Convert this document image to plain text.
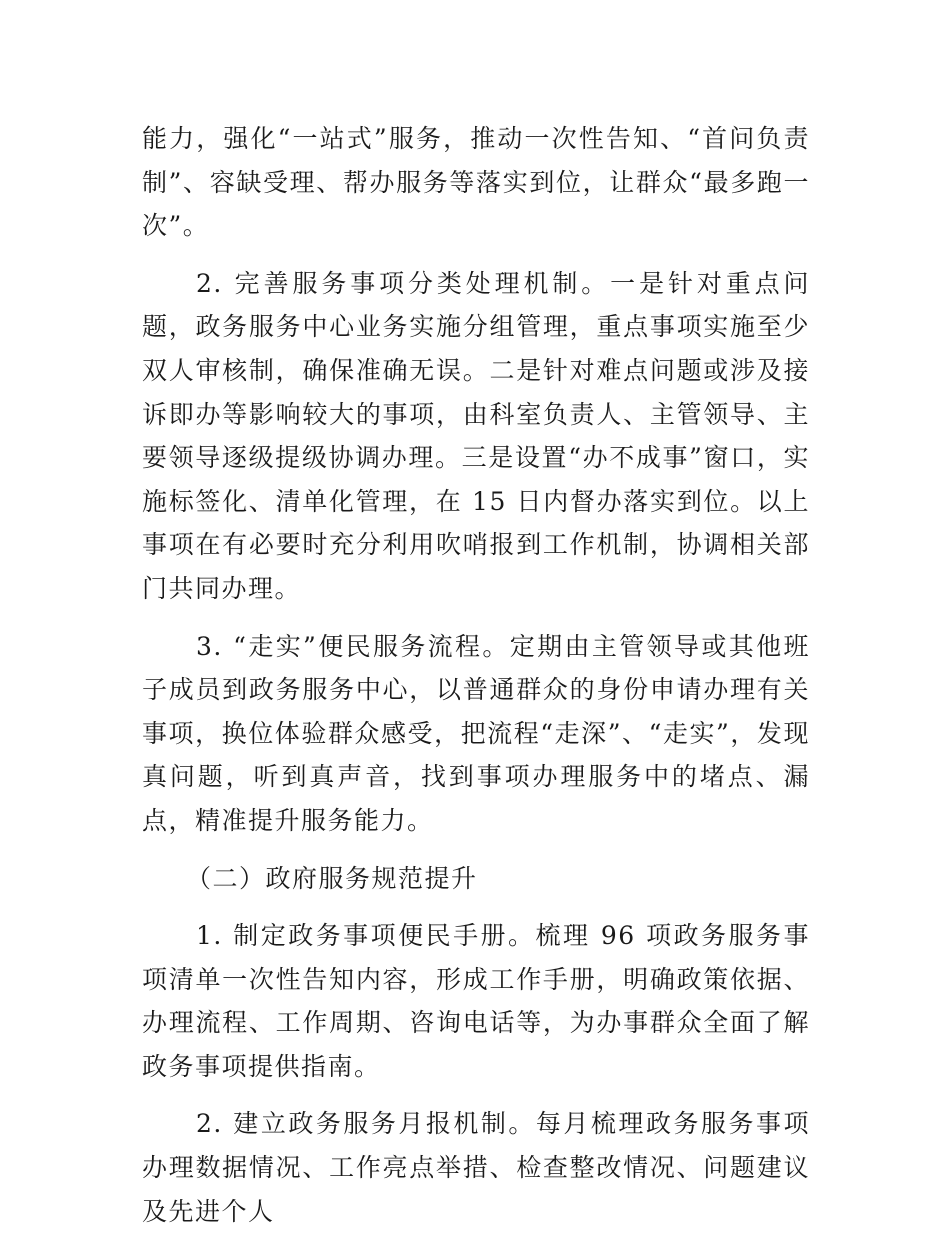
能力，强化“一站式”服务，推动一次性告知、“首问负责制”、容缺受理、帮办服务等落实到位，让群众“最多跑一次”。

2. 完善服务事项分类处理机制。一是针对重点问题，政务服务中心业务实施分组管理，重点事项实施至少双人审核制，确保准确无误。二是针对难点问题或涉及接诉即办等影响较大的事项，由科室负责人、主管领导、主要领导逐级提级协调办理。三是设置“办不成事”窗口，实施标签化、清单化管理，在 15 日内督办落实到位。以上事项在有必要时充分利用吹哨报到工作机制，协调相关部门共同办理。

3. “走实”便民服务流程。定期由主管领导或其他班子成员到政务服务中心，以普通群众的身份申请办理有关事项，换位体验群众感受，把流程“走深”、“走实”，发现真问题，听到真声音，找到事项办理服务中的堵点、漏点，精准提升服务能力。

（二）政府服务规范提升

1. 制定政务事项便民手册。梳理 96 项政务服务事项清单一次性告知内容，形成工作手册，明确政策依据、办理流程、工作周期、咨询电话等，为办事群众全面了解政务事项提供指南。

2. 建立政务服务月报机制。每月梳理政务服务事项办理数据情况、工作亮点举措、检查整改情况、问题建议及先进个人
